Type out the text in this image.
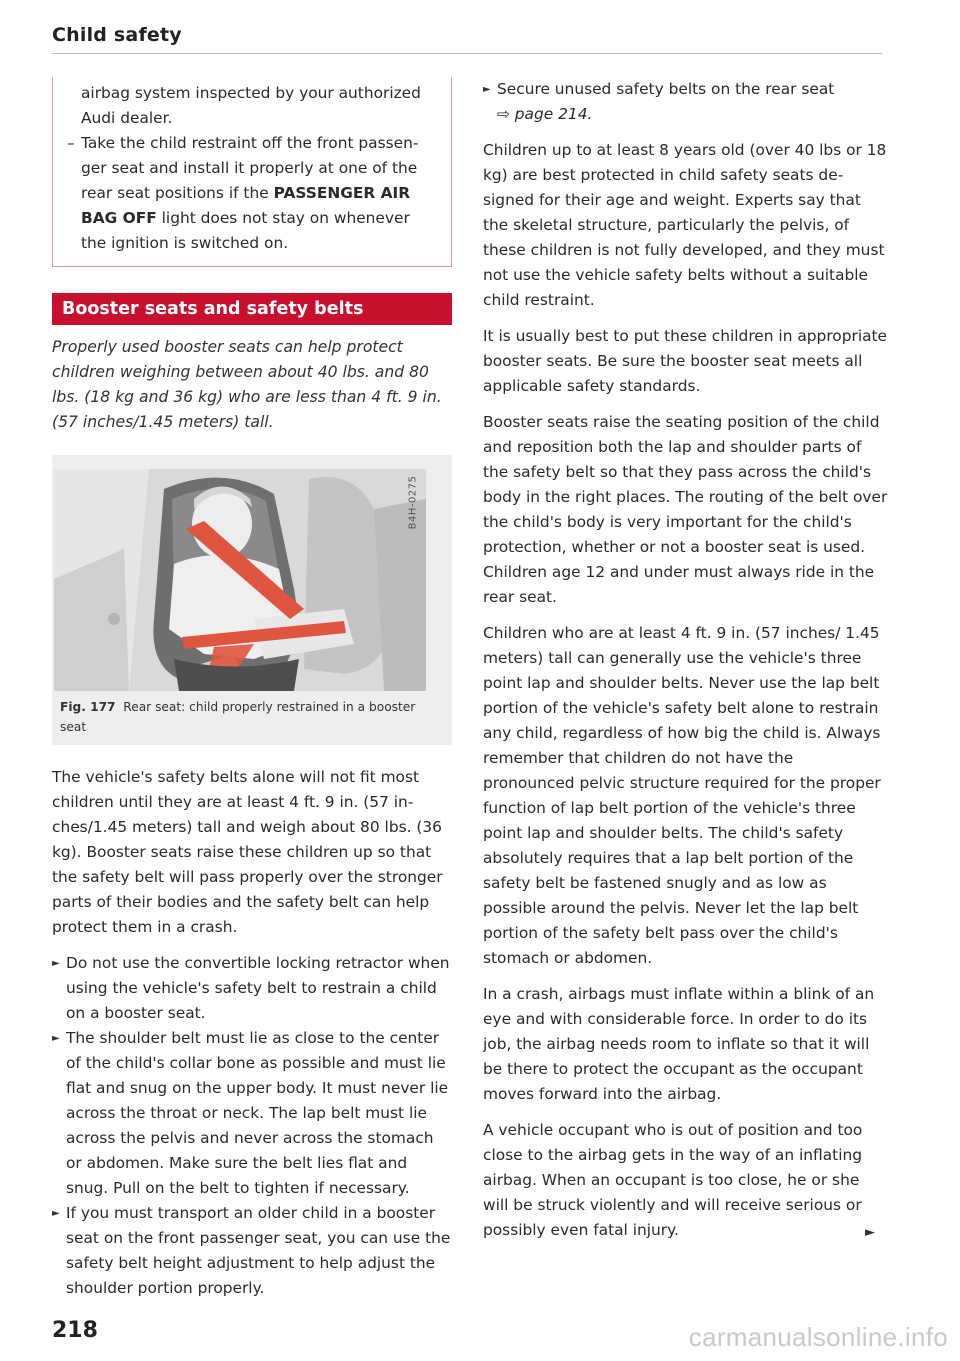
Child safety

airbag system inspected by your authorized Audi dealer.

– Take the child restraint off the front passenger seat and install it properly at one of the rear seat positions if the PASSENGER AIR BAG OFF light does not stay on whenever the ignition is switched on.

Booster seats and safety belts

Properly used booster seats can help protect children weighing between about 40 lbs. and 80 lbs. (18 kg and 36 kg) who are less than 4 ft. 9 in. (57 inches/1.45 meters) tall.

B4H-0275
Fig. 177 Rear seat: child properly restrained in a booster seat

The vehicle's safety belts alone will not fit most children until they are at least 4 ft. 9 in. (57 inches/1.45 meters) tall and weigh about 80 lbs. (36 kg). Booster seats raise these children up so that the safety belt will pass properly over the stronger parts of their bodies and the safety belt can help protect them in a crash.

► Do not use the convertible locking retractor when using the vehicle's safety belt to restrain a child on a booster seat.
► The shoulder belt must lie as close to the center of the child's collar bone as possible and must lie flat and snug on the upper body. It must never lie across the throat or neck. The lap belt must lie across the pelvis and never across the stomach or abdomen. Make sure the belt lies flat and snug. Pull on the belt to tighten if necessary.
► If you must transport an older child in a booster seat on the front passenger seat, you can use the safety belt height adjustment to help adjust the shoulder portion properly.
► Secure unused safety belts on the rear seat
⇨ page 214.

Children up to at least 8 years old (over 40 lbs or 18 kg) are best protected in child safety seats designed for their age and weight. Experts say that the skeletal structure, particularly the pelvis, of these children is not fully developed, and they must not use the vehicle safety belts without a suitable child restraint.

It is usually best to put these children in appropriate booster seats. Be sure the booster seat meets all applicable safety standards.

Booster seats raise the seating position of the child and reposition both the lap and shoulder parts of the safety belt so that they pass across the child's body in the right places. The routing of the belt over the child's body is very important for the child's protection, whether or not a booster seat is used. Children age 12 and under must always ride in the rear seat.

Children who are at least 4 ft. 9 in. (57 inches/ 1.45 meters) tall can generally use the vehicle's three point lap and shoulder belts. Never use the lap belt portion of the vehicle's safety belt alone to restrain any child, regardless of how big the child is. Always remember that children do not have the pronounced pelvic structure required for the proper function of lap belt portion of the vehicle's three point lap and shoulder belts. The child's safety absolutely requires that a lap belt portion of the safety belt be fastened snugly and as low as possible around the pelvis. Never let the lap belt portion of the safety belt pass over the child's stomach or abdomen.

In a crash, airbags must inflate within a blink of an eye and with considerable force. In order to do its job, the airbag needs room to inflate so that it will be there to protect the occupant as the occupant moves forward into the airbag.

A vehicle occupant who is out of position and too close to the airbag gets in the way of an inflating airbag. When an occupant is too close, he or she will be struck violently and will receive serious or possibly even fatal injury.	►
218	carmanualsonline.info
